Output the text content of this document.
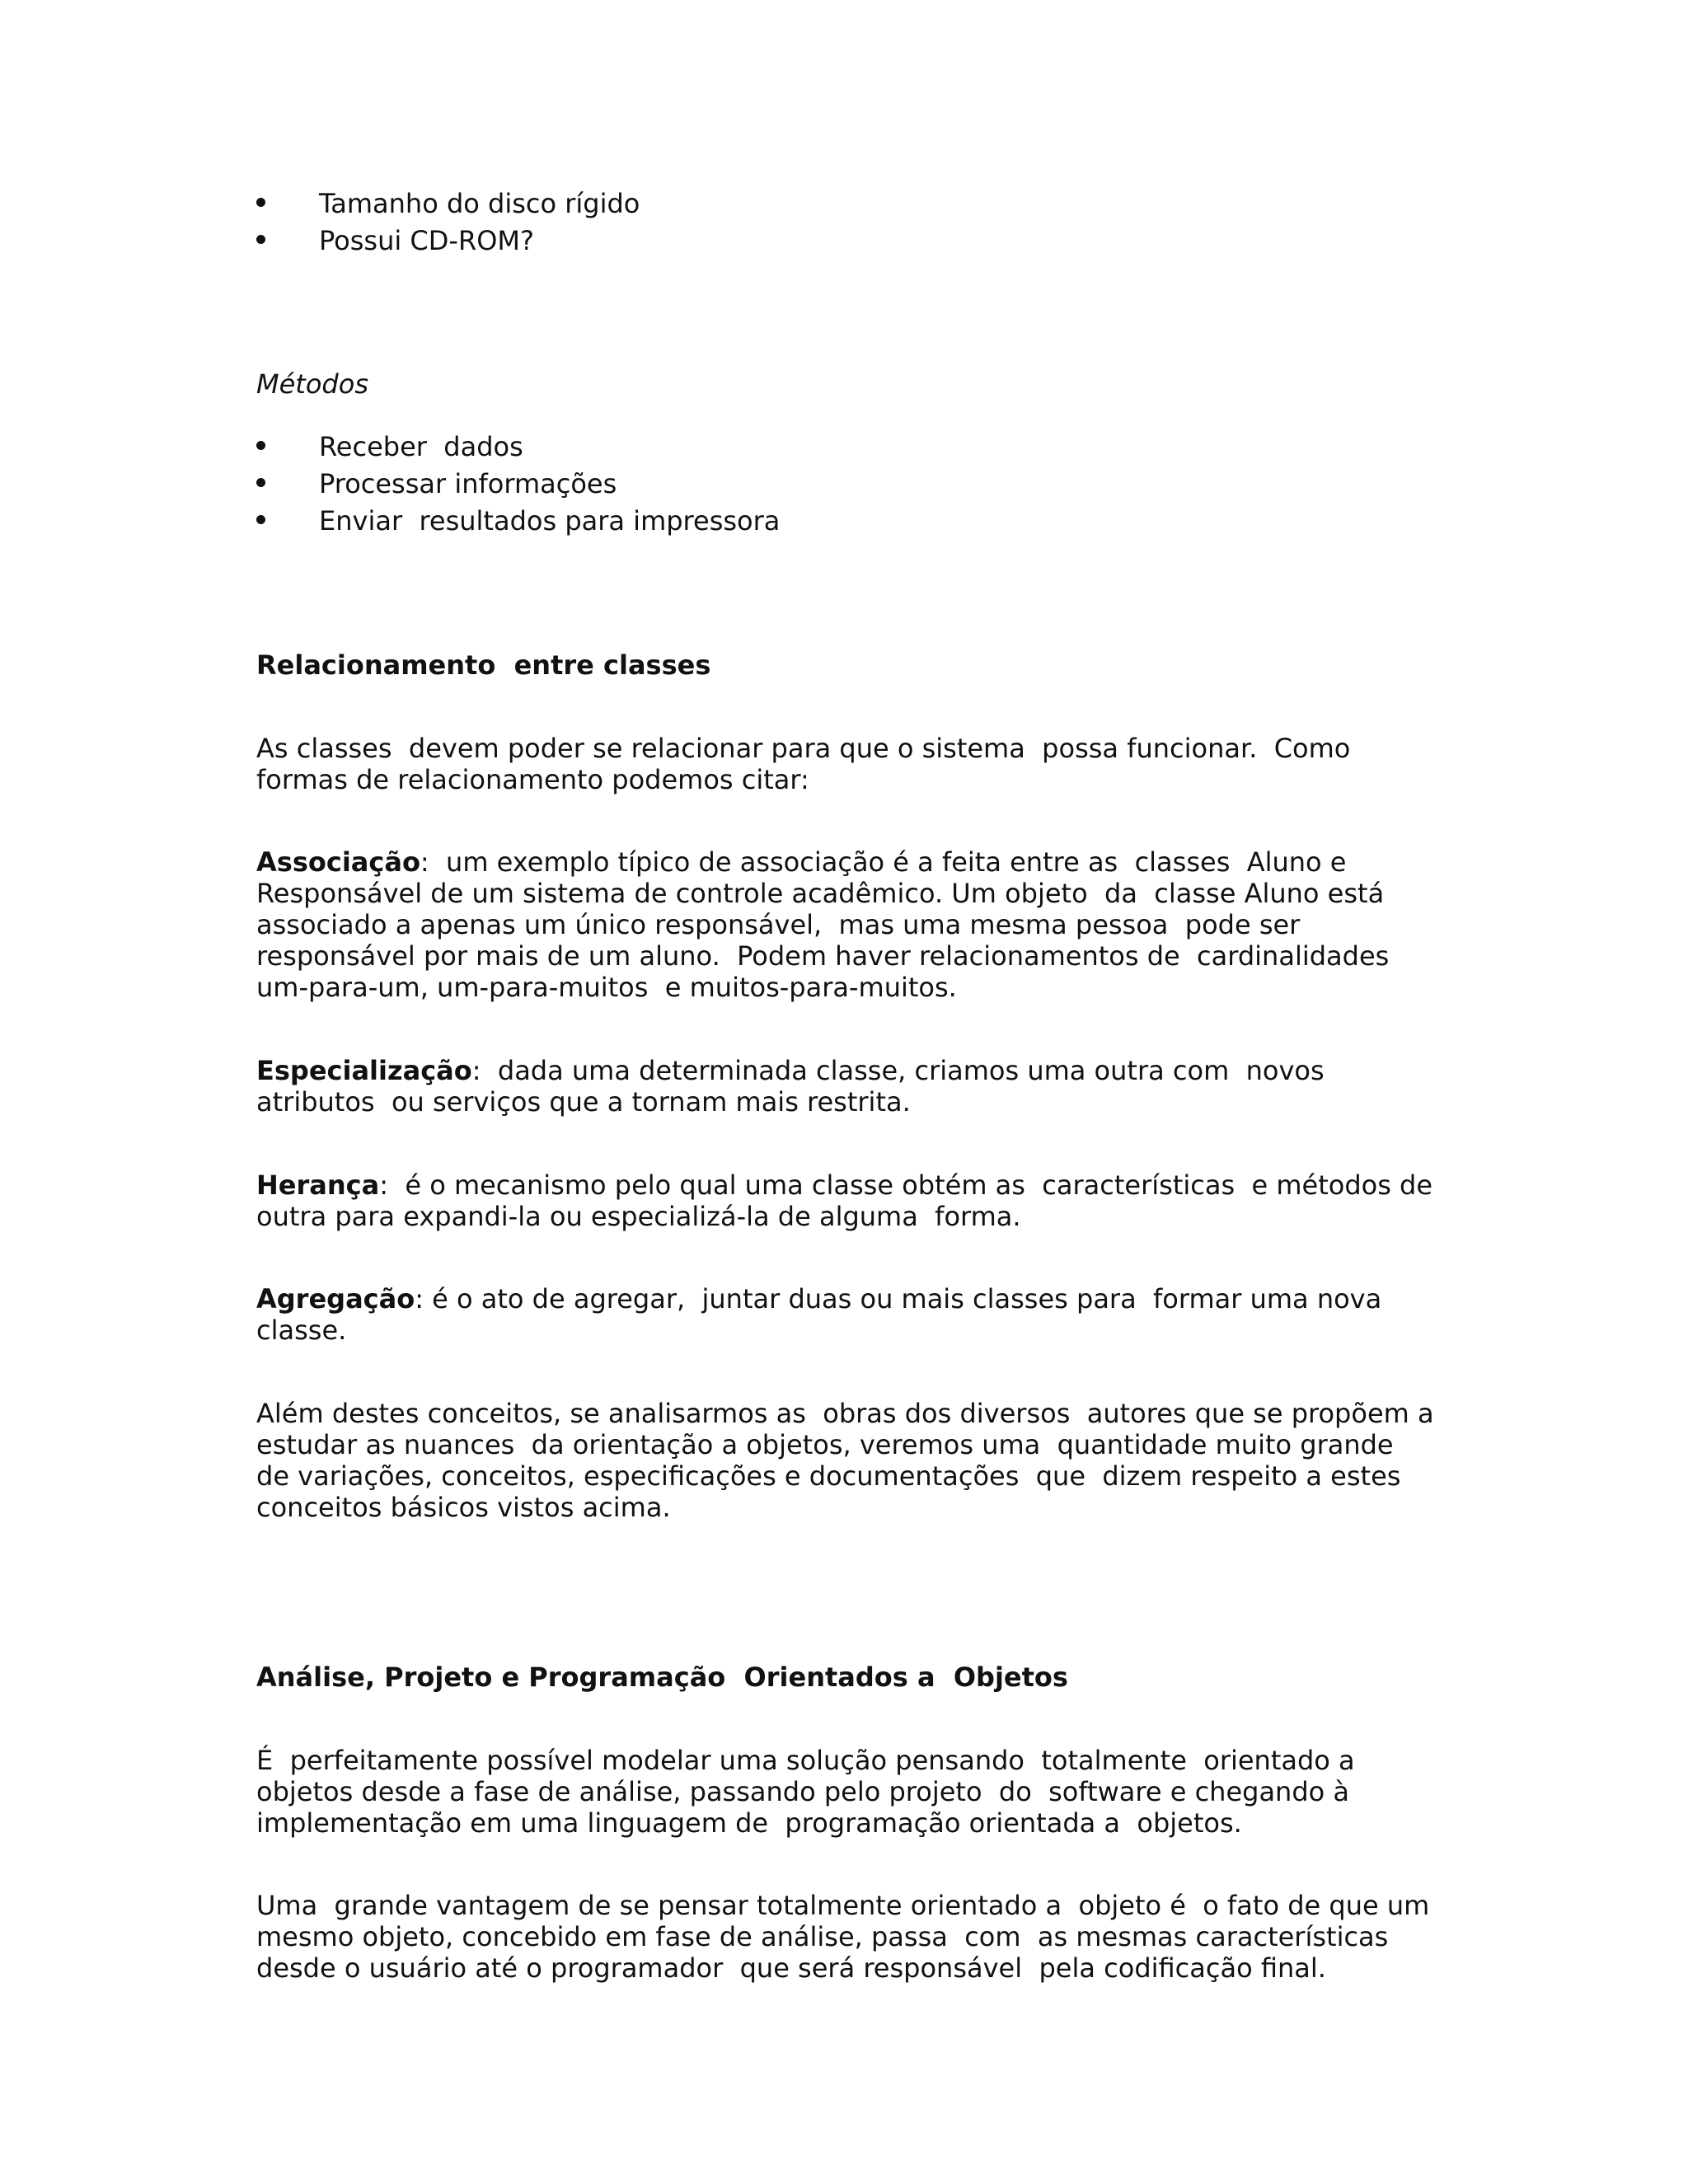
Tamanho do disco rígido
Possui CD-ROM?
Métodos
Receber  dados
Processar informações
Enviar  resultados para impressora
Relacionamento  entre classes
As classes  devem poder se relacionar para que o sistema  possa funcionar.  Como
formas de relacionamento podemos citar:
Associação:  um exemplo típico de associação é a feita entre as  classes  Aluno e
Responsável de um sistema de controle acadêmico. Um objeto  da  classe Aluno está
associado a apenas um único responsável,  mas uma mesma pessoa  pode ser
responsável por mais de um aluno.  Podem haver relacionamentos de  cardinalidades
um-para-um, um-para-muitos  e muitos-para-muitos.
Especialização:  dada uma determinada classe, criamos uma outra com  novos
atributos  ou serviços que a tornam mais restrita.
Herança:  é o mecanismo pelo qual uma classe obtém as  características  e métodos de
outra para expandi-la ou especializá-la de alguma  forma.
Agregação: é o ato de agregar,  juntar duas ou mais classes para  formar uma nova
classe.
Além destes conceitos, se analisarmos as  obras dos diversos  autores que se propõem a
estudar as nuances  da orientação a objetos, veremos uma  quantidade muito grande
de variações, conceitos, especificações e documentações  que  dizem respeito a estes
conceitos básicos vistos acima.
Análise, Projeto e Programação  Orientados a  Objetos
É  perfeitamente possível modelar uma solução pensando  totalmente  orientado a
objetos desde a fase de análise, passando pelo projeto  do  software e chegando à
implementação em uma linguagem de  programação orientada a  objetos.
Uma  grande vantagem de se pensar totalmente orientado a  objeto é  o fato de que um
mesmo objeto, concebido em fase de análise, passa  com  as mesmas características
desde o usuário até o programador  que será responsável  pela codificação final.
